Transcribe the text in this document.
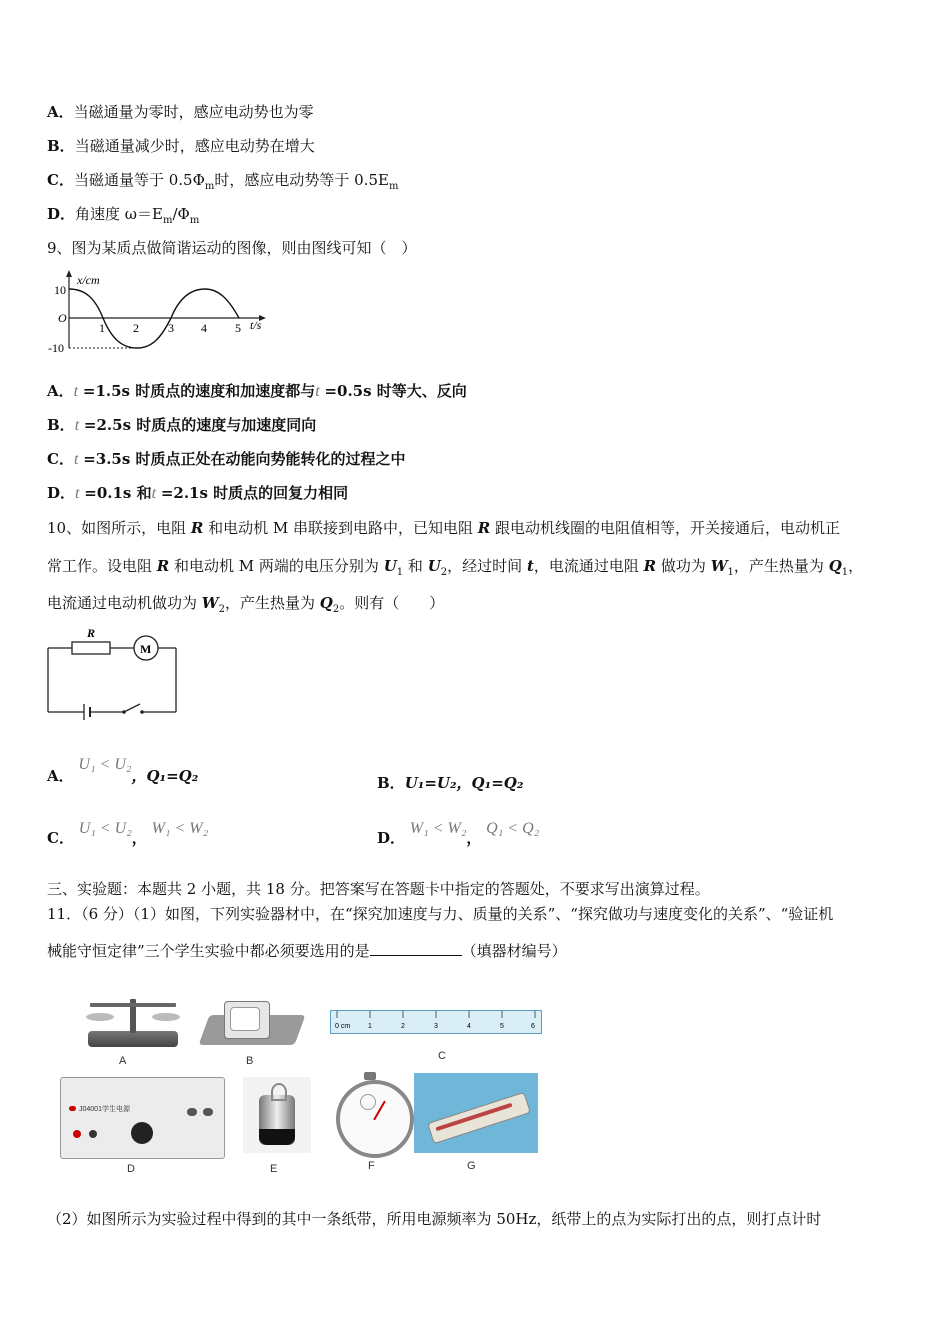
A．当磁通量为零时，感应电动势也为零
B．当磁通量减少时，感应电动势在增大
C．当磁通量等于 $0.5\Phi_m$时，感应电动势等于 $0.5E_m$
D．角速度 $\omega=E_m/\Phi_m$
9、图为某质点做简谐运动的图像，则由图线可知（　）
x/cm
t/s
10
O
-10
1 2 3 4 5
A．t =1.5s 时质点的速度和加速度都与t =0.5s 时等大、反向
B．t =2.5s 时质点的速度与加速度同向
C．t =3.5s 时质点正处在动能向势能转化的过程之中
D．t =0.1s 和t =2.1s 时质点的回复力相同
10、如图所示，电阻 R 和电动机 M 串联接到电路中，已知电阻 R 跟电动机线圈的电阻值相等，开关接通后，电动机正
常工作。设电阻 R 和电动机 M 两端的电压分别为 $U_1$ 和 $U_2$，经过时间 t，电流通过电阻 R 做功为 $W_1$，产生热量为 $Q_1$，
电流通过电动机做功为 $W_2$，产生热量为 $Q_2$。则有（　　）
R
M
A． U₁ < U₂，Q₁=Q₂	B．U₁=U₂，Q₁=Q₂
C． U₁ < U₂， W₁ < W₂
D． W₁ < W₂， Q₁ < Q₂
三、实验题：本题共 2 小题，共 18 分。把答案写在答题卡中指定的答题处，不要求写出演算过程。
11．（6 分）（1）如图，下列实验器材中，在“探究加速度与力、质量的关系”、“探究做功与速度变化的关系”、“验证机
械能守恒定律”三个学生实验中都必须要选用的是	（填器材编号）
A	B
0 cm	1	2	3	4	5	6
C
J04001学生电源
D	E	F	G
（2）如图所示为实验过程中得到的其中一条纸带，所用电源频率为 50Hz，纸带上的点为实际打出的点，则打点计时
